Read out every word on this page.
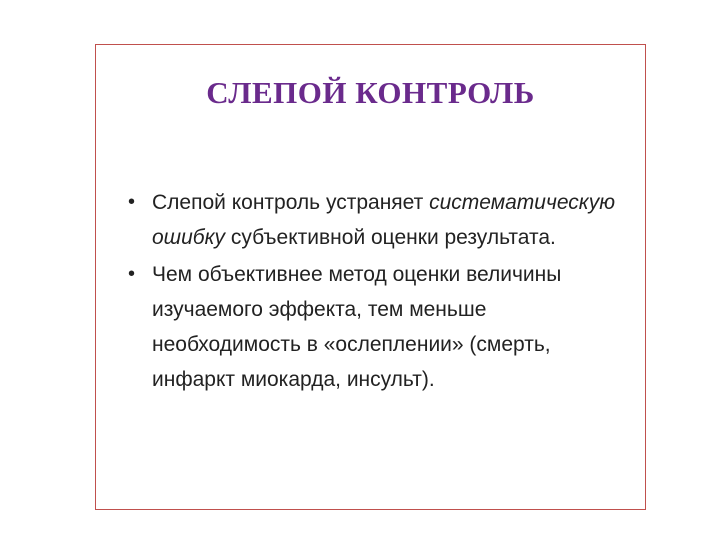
СЛЕПОЙ КОНТРОЛЬ
• Слепой контроль устраняет систематическую ошибку субъективной оценки результата.
• Чем объективнее метод оценки величины изучаемого эффекта, тем меньше необходимость в «ослеплении» (смерть, инфаркт миокарда, инсульт).
